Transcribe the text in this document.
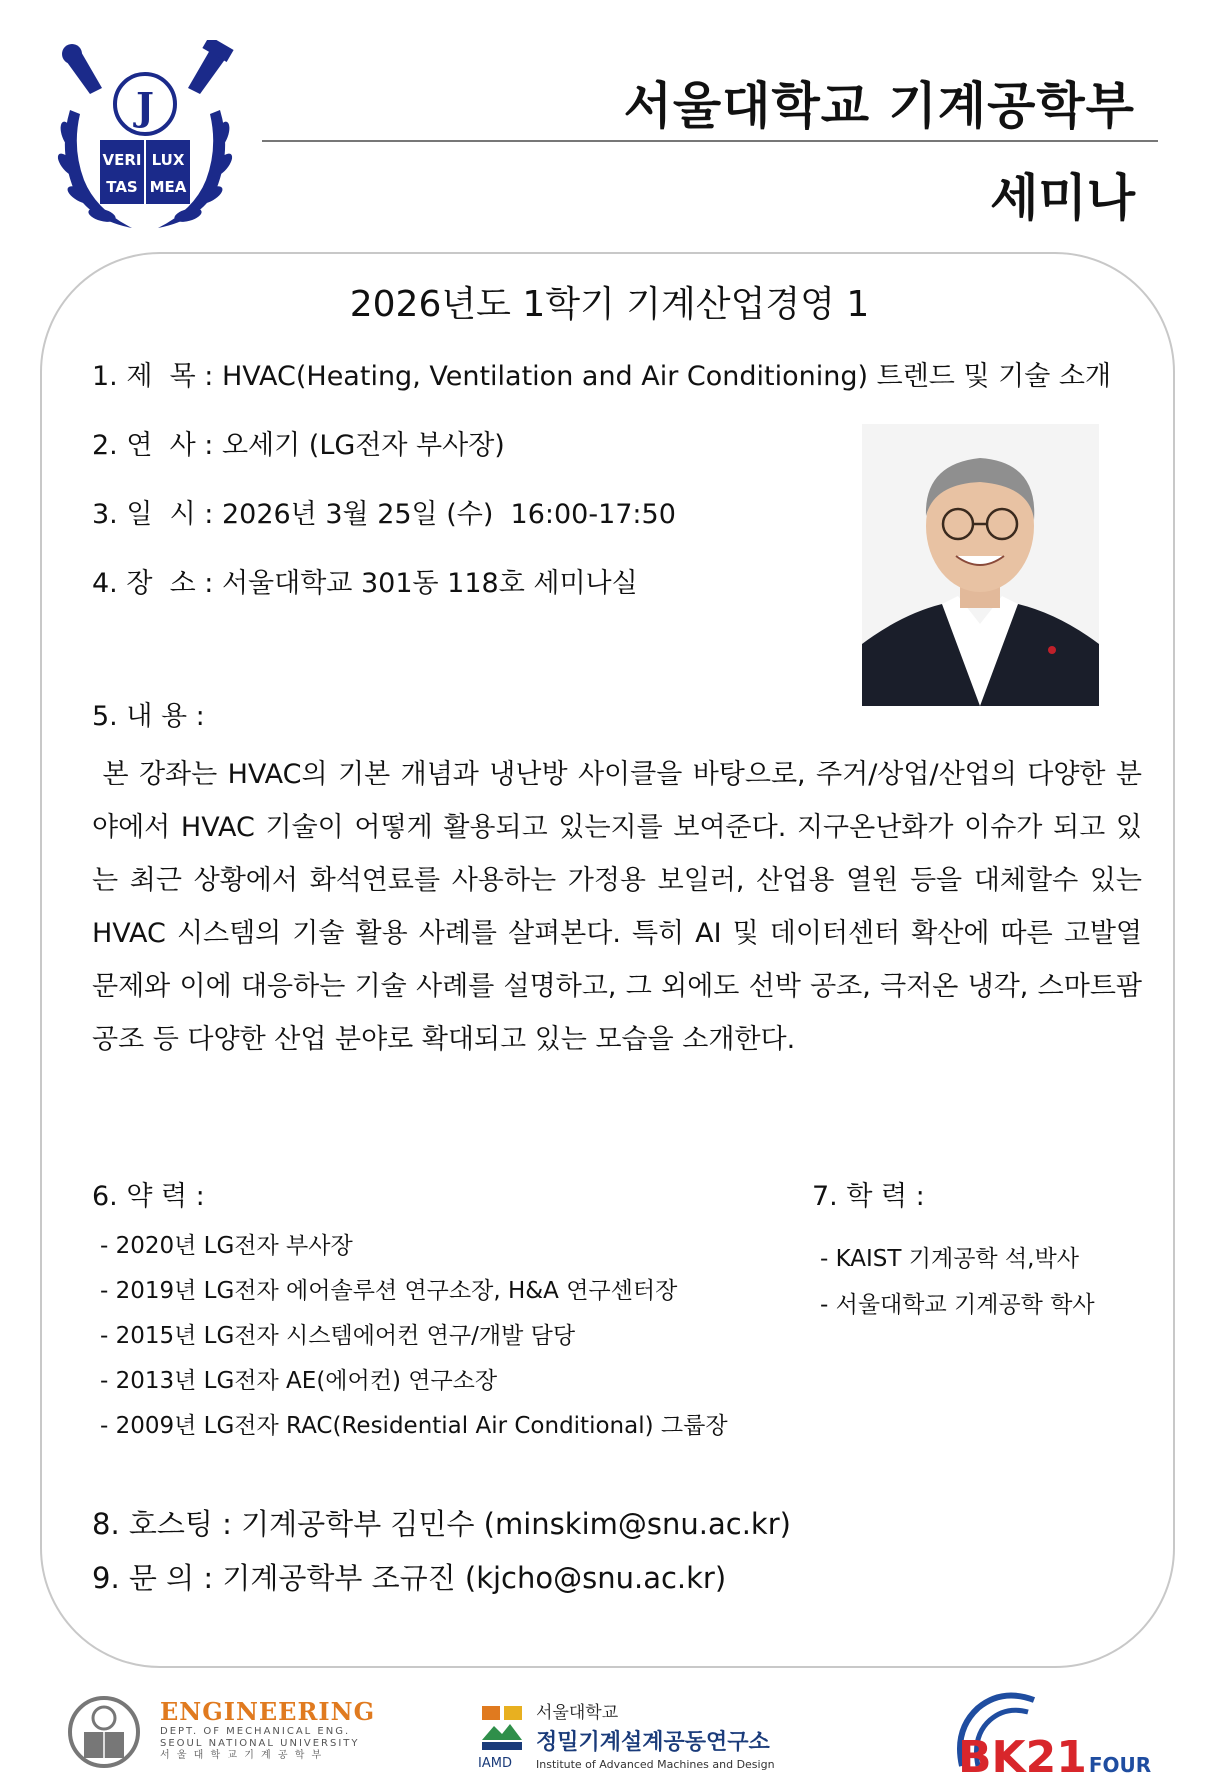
J
VERI LUX
TAS MEA
서울대학교 기계공학부
세미나
2026년도 1학기 기계산업경영 1
1. 제  목 : HVAC(Heating, Ventilation and Air Conditioning) 트렌드 및 기술 소개
2. 연  사 : 오세기 (LG전자 부사장)
3. 일  시 : 2026년 3월 25일 (수)  16:00-17:50
4. 장  소 : 서울대학교 301동 118호 세미나실
5. 내 용 :
본 강좌는 HVAC의 기본 개념과 냉난방 사이클을 바탕으로, 주거/상업/산업의 다양한 분야에서 HVAC 기술이 어떻게 활용되고 있는지를 보여준다. 지구온난화가 이슈가 되고 있는 최근 상황에서 화석연료를 사용하는 가정용 보일러, 산업용 열원 등을 대체할수 있는 HVAC 시스템의 기술 활용 사례를 살펴본다. 특히 AI 및 데이터센터 확산에 따른 고발열 문제와 이에 대응하는 기술 사례를 설명하고, 그 외에도 선박 공조, 극저온 냉각, 스마트팜 공조 등 다양한 산업 분야로 확대되고 있는 모습을 소개한다.
6. 약 력 :
- 2020년 LG전자 부사장
- 2019년 LG전자 에어솔루션 연구소장, H&A 연구센터장
- 2015년 LG전자 시스템에어컨 연구/개발 담당
- 2013년 LG전자 AE(에어컨) 연구소장
- 2009년 LG전자 RAC(Residential Air Conditional) 그룹장
7. 학 력 :
- KAIST 기계공학 석,박사
- 서울대학교 기계공학 학사
8. 호스팅 : 기계공학부 김민수 (minskim@snu.ac.kr)
9. 문 의 : 기계공학부 조규진 (kjcho@snu.ac.kr)
ENGINEERING
DEPT. OF MECHANICAL ENG.
SEOUL NATIONAL UNIVERSITY
서 울 대 학 교 기 계 공 학 부
IAMD
서울대학교
정밀기계설계공동연구소
Institute of Advanced Machines and Design	BK21 FOUR
